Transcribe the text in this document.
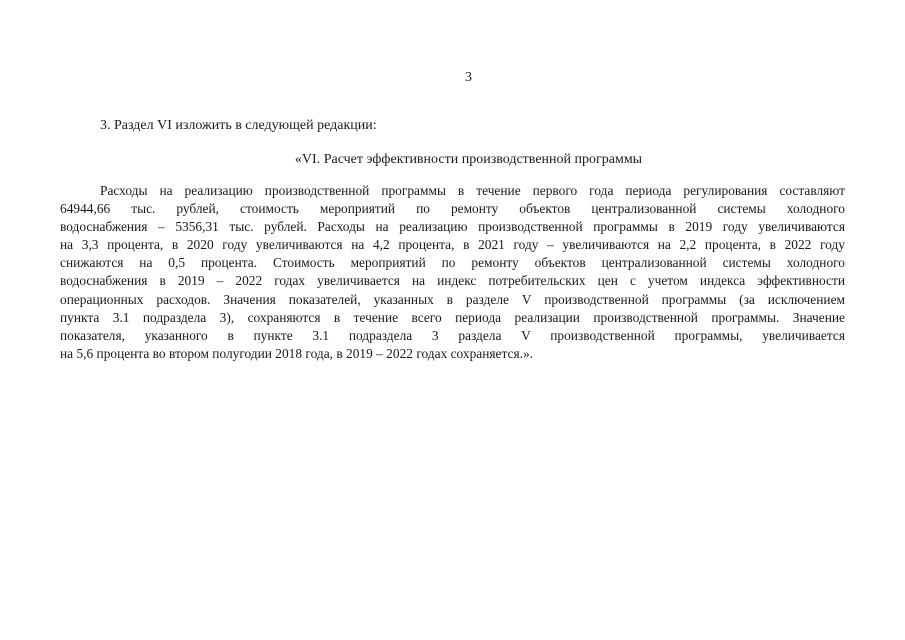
3
3. Раздел VI изложить в следующей редакции:
«VI. Расчет эффективности производственной программы
Расходы на реализацию производственной программы в течение первого года периода регулирования составляют
64944,66 тыс. рублей, стоимость мероприятий по ремонту объектов централизованной системы холодного
водоснабжения – 5356,31 тыс. рублей. Расходы на реализацию производственной программы в 2019 году увеличиваются
на 3,3 процента, в 2020 году увеличиваются на 4,2 процента, в 2021 году – увеличиваются на 2,2 процента, в 2022 году
снижаются на 0,5 процента. Стоимость мероприятий по ремонту объектов централизованной системы холодного
водоснабжения в 2019 – 2022 годах увеличивается на индекс потребительских цен с учетом индекса эффективности
операционных расходов. Значения показателей, указанных в разделе V производственной программы (за исключением
пункта 3.1 подраздела 3), сохраняются в течение всего периода реализации производственной программы. Значение
показателя, указанного в пункте 3.1 подраздела 3 раздела V производственной программы, увеличивается
на 5,6 процента во втором полугодии 2018 года, в 2019 – 2022 годах сохраняется.».
